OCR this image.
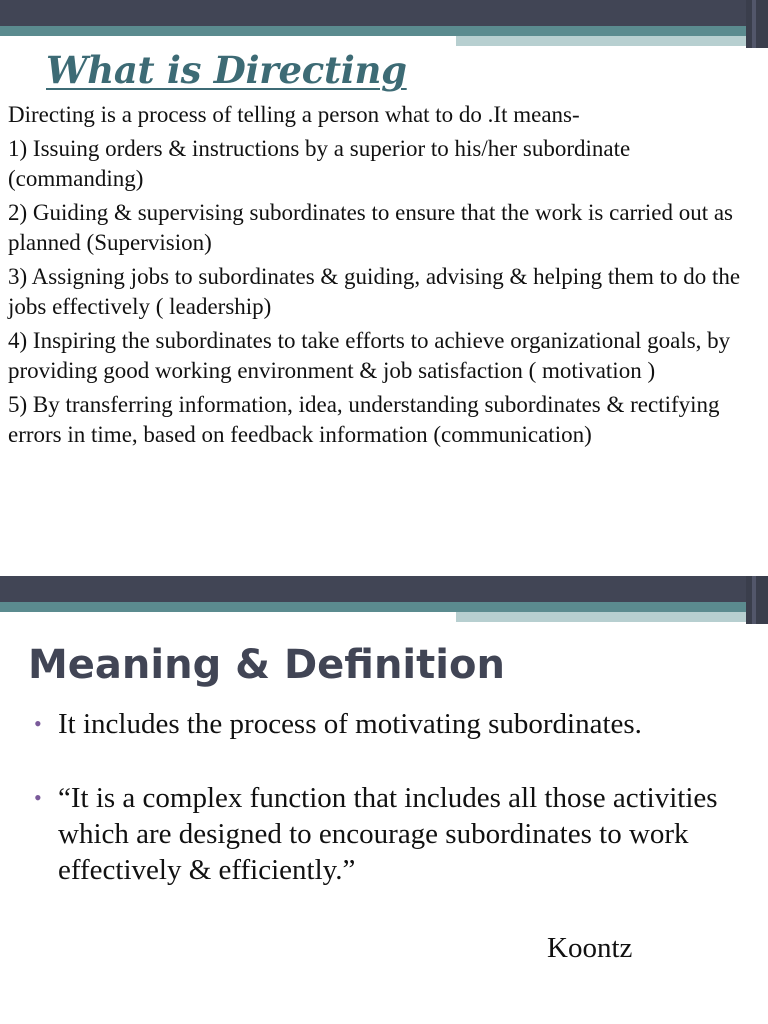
What is Directing

Directing is a process of telling a person what to do .It means-

1) Issuing orders & instructions by a superior to his/her subordinate (commanding)

2) Guiding & supervising subordinates to ensure that the work is carried out as planned (Supervision)

3) Assigning jobs to subordinates & guiding, advising & helping them to do the jobs effectively ( leadership)

4) Inspiring the subordinates to take efforts to achieve organizational goals, by providing good working environment & job satisfaction ( motivation )

5) By transferring information, idea, understanding subordinates & rectifying errors in time, based on feedback information (communication)

Meaning & Definition
• It includes the process of motivating subordinates.
• “It is a complex function that includes all those activities which are designed to encourage subordinates to work effectively & efficiently.”
Koontz
